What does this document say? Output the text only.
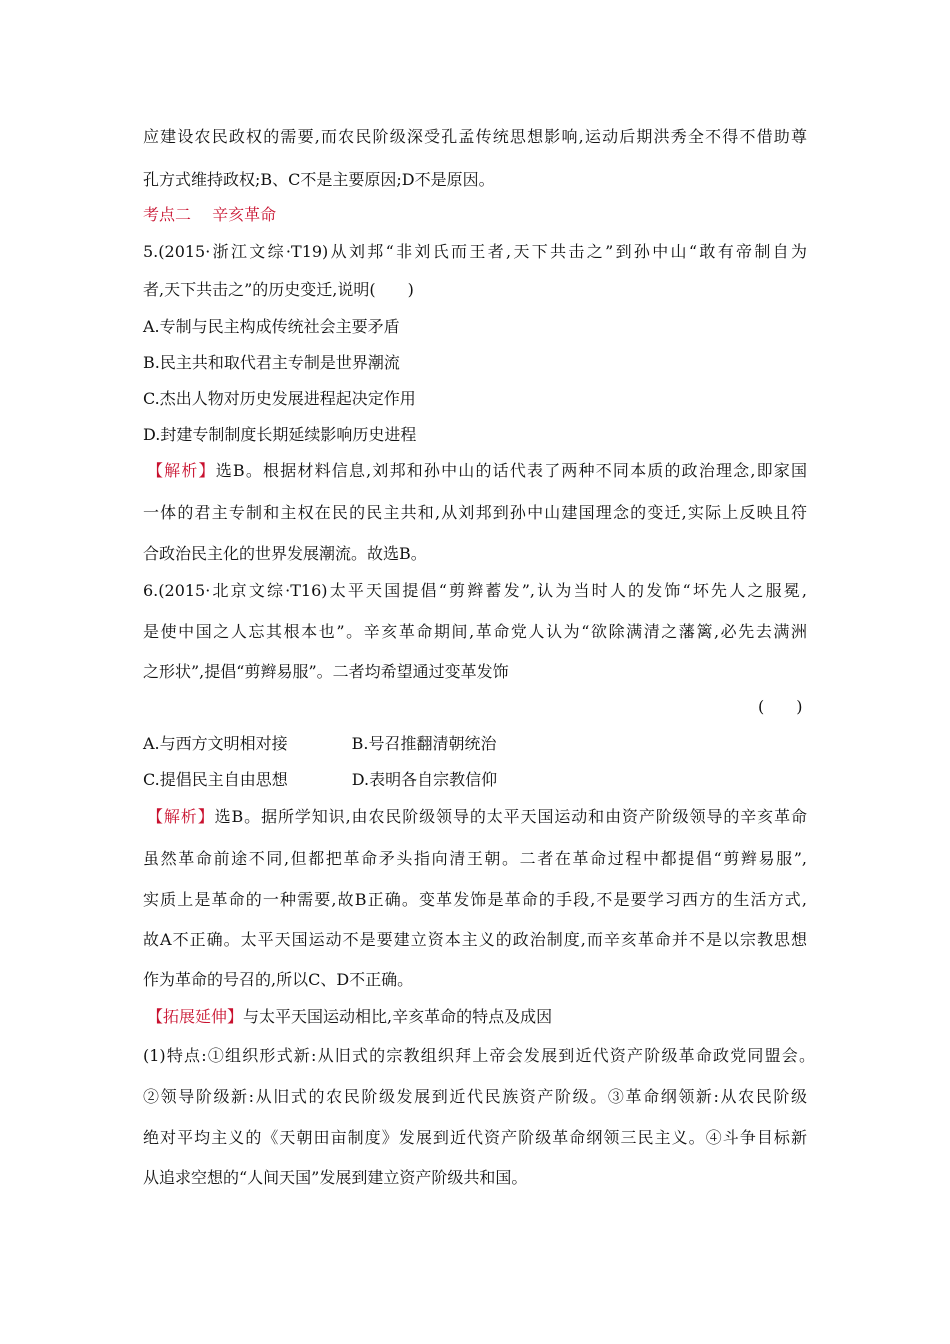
应建设农民政权的需要,而农民阶级深受孔孟传统思想影响,运动后期洪秀全不得不借助尊
孔方式维持政权;B、C不是主要原因;D不是原因。
考点二　 辛亥革命
5.(2015·浙江文综·T19)从刘邦“非刘氏而王者,天下共击之”到孙中山“敢有帝制自为
者,天下共击之”的历史变迁,说明(　　)
A.专制与民主构成传统社会主要矛盾
B.民主共和取代君主专制是世界潮流
C.杰出人物对历史发展进程起决定作用
D.封建专制制度长期延续影响历史进程
【解析】选B。根据材料信息,刘邦和孙中山的话代表了两种不同本质的政治理念,即家国
一体的君主专制和主权在民的民主共和,从刘邦到孙中山建国理念的变迁,实际上反映且符
合政治民主化的世界发展潮流。故选B。
6.(2015·北京文综·T16)太平天国提倡“剪辫蓄发”,认为当时人的发饰“坏先人之服冕,
是使中国之人忘其根本也”。辛亥革命期间,革命党人认为“欲除满清之藩篱,必先去满洲
之形状”,提倡“剪辫易服”。二者均希望通过变革发饰
(　　)
A.与西方文明相对接　　　　B.号召推翻清朝统治
C.提倡民主自由思想　　　　D.表明各自宗教信仰
【解析】选B。据所学知识,由农民阶级领导的太平天国运动和由资产阶级领导的辛亥革命
虽然革命前途不同,但都把革命矛头指向清王朝。二者在革命过程中都提倡“剪辫易服”,
实质上是革命的一种需要,故B正确。变革发饰是革命的手段,不是要学习西方的生活方式,
故A不正确。太平天国运动不是要建立资本主义的政治制度,而辛亥革命并不是以宗教思想
作为革命的号召的,所以C、D不正确。
【拓展延伸】与太平天国运动相比,辛亥革命的特点及成因
(1)特点:①组织形式新:从旧式的宗教组织拜上帝会发展到近代资产阶级革命政党同盟会。
②领导阶级新:从旧式的农民阶级发展到近代民族资产阶级。③革命纲领新:从农民阶级
绝对平均主义的《天朝田亩制度》发展到近代资产阶级革命纲领三民主义。④斗争目标新
从追求空想的“人间天国”发展到建立资产阶级共和国。
